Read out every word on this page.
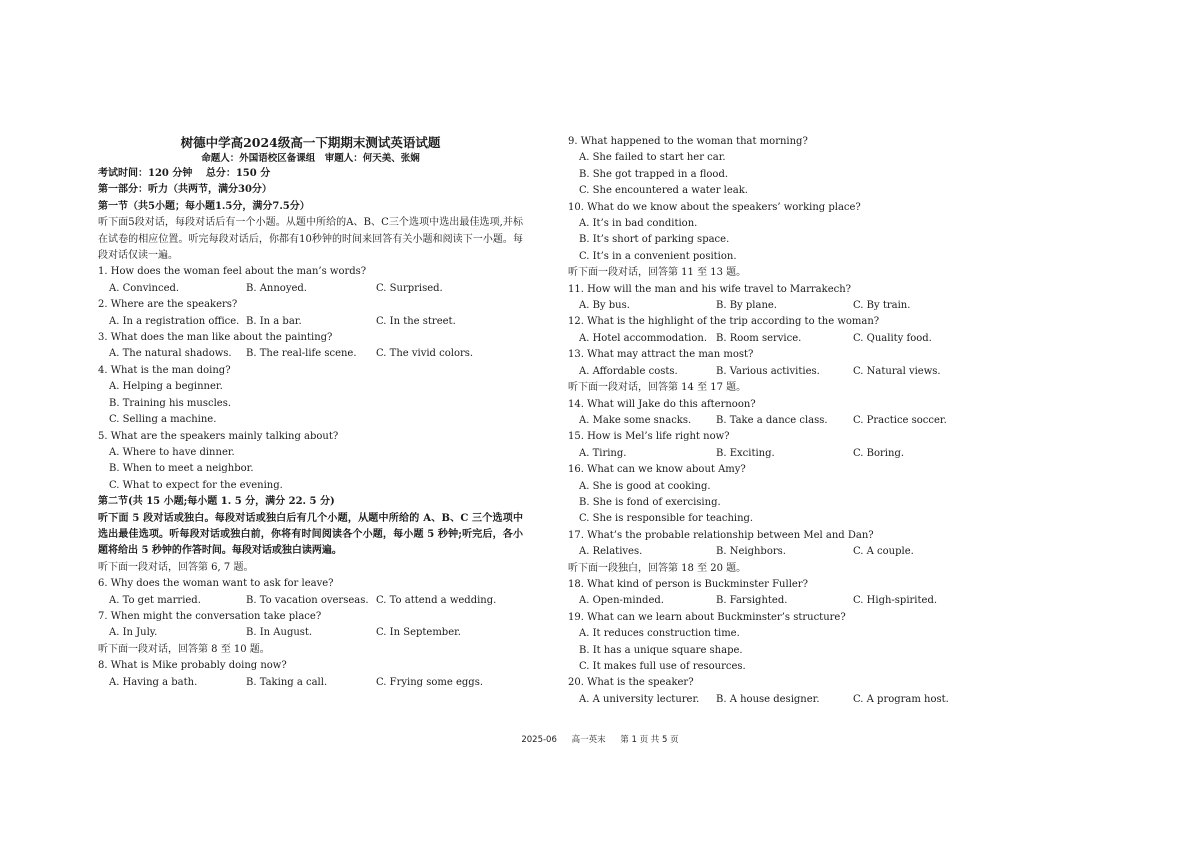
树德中学高2024级高一下期期末测试英语试题
命题人：外国语校区备课组　审题人：何天美、张娴
考试时间：120 分钟　 总分：150 分
第一部分：听力（共两节，满分30分）
第一节（共5小题；每小题1.5分，满分7.5分）
听下面5段对话，每段对话后有一个小题。从题中所给的A、B、C三个选项中选出最佳选项,并标在试卷的相应位置。听完每段对话后，你都有10秒钟的时间来回答有关小题和阅读下一小题。每段对话仅读一遍。
1. How does the woman feel about the man’s words?
A. Convinced.	B. Annoyed.	C. Surprised.
2. Where are the speakers?
A. In a registration office. B. In a bar.	C. In the street.
3. What does the man like about the painting?
A. The natural shadows.	B. The real-life scene.	C. The vivid colors.
4. What is the man doing?
A. Helping a beginner.
B. Training his muscles.
C. Selling a machine.
5. What are the speakers mainly talking about?
A. Where to have dinner.
B. When to meet a neighbor.
C. What to expect for the evening.
第二节(共 15 小题;每小题 1. 5 分，满分 22. 5 分)
听下面 5 段对话或独白。每段对话或独白后有几个小题，从题中所给的 A、B、C 三个选项中选出最佳选项。听每段对话或独白前，你将有时间阅读各个小题，每小题 5 秒钟;听完后，各小题将给出 5 秒钟的作答时间。每段对话或独白读两遍。
听下面一段对话，回答第 6, 7 题。
6. Why does the woman want to ask for leave?
A. To get married.	B. To vacation overseas. C. To attend a wedding.
7. When might the conversation take place?
A. In July.	B. In August.	C. In September.
听下面一段对话，回答第 8 至 10 题。
8. What is Mike probably doing now?
A. Having a bath.	B. Taking a call.	C. Frying some eggs.
9. What happened to the woman that morning?
A. She failed to start her car.
B. She got trapped in a flood.
C. She encountered a water leak.
10. What do we know about the speakers’ working place?
A. It’s in bad condition.
B. It’s short of parking space.
C. It’s in a convenient position.
听下面一段对话，回答第 11 至 13 题。
11. How will the man and his wife travel to Marrakech?
A. By bus.	B. By plane.	C. By train.
12. What is the highlight of the trip according to the woman?
A. Hotel accommodation. B. Room service.	C. Quality food.
13. What may attract the man most?
A. Affordable costs.	B. Various activities.	C. Natural views.
听下面一段对话，回答第 14 至 17 题。
14. What will Jake do this afternoon?
A. Make some snacks.	B. Take a dance class.	C. Practice soccer.
15. How is Mel’s life right now?
A. Tiring.	B. Exciting.	C. Boring.
16. What can we know about Amy?
A. She is good at cooking.
B. She is fond of exercising.
C. She is responsible for teaching.
17. What’s the probable relationship between Mel and Dan?
A. Relatives.	B. Neighbors.	C. A couple.
听下面一段独白，回答第 18 至 20 题。
18. What kind of person is Buckminster Fuller?
A. Open-minded.	B. Farsighted.	C. High-spirited.
19. What can we learn about Buckminster’s structure?
A. It reduces construction time.
B. It has a unique square shape.
C. It makes full use of resources.
20. What is the speaker?
A. A university lecturer.	B. A house designer.	C. A program host.
2025-06 高一英末 第 1 页 共 5 页
